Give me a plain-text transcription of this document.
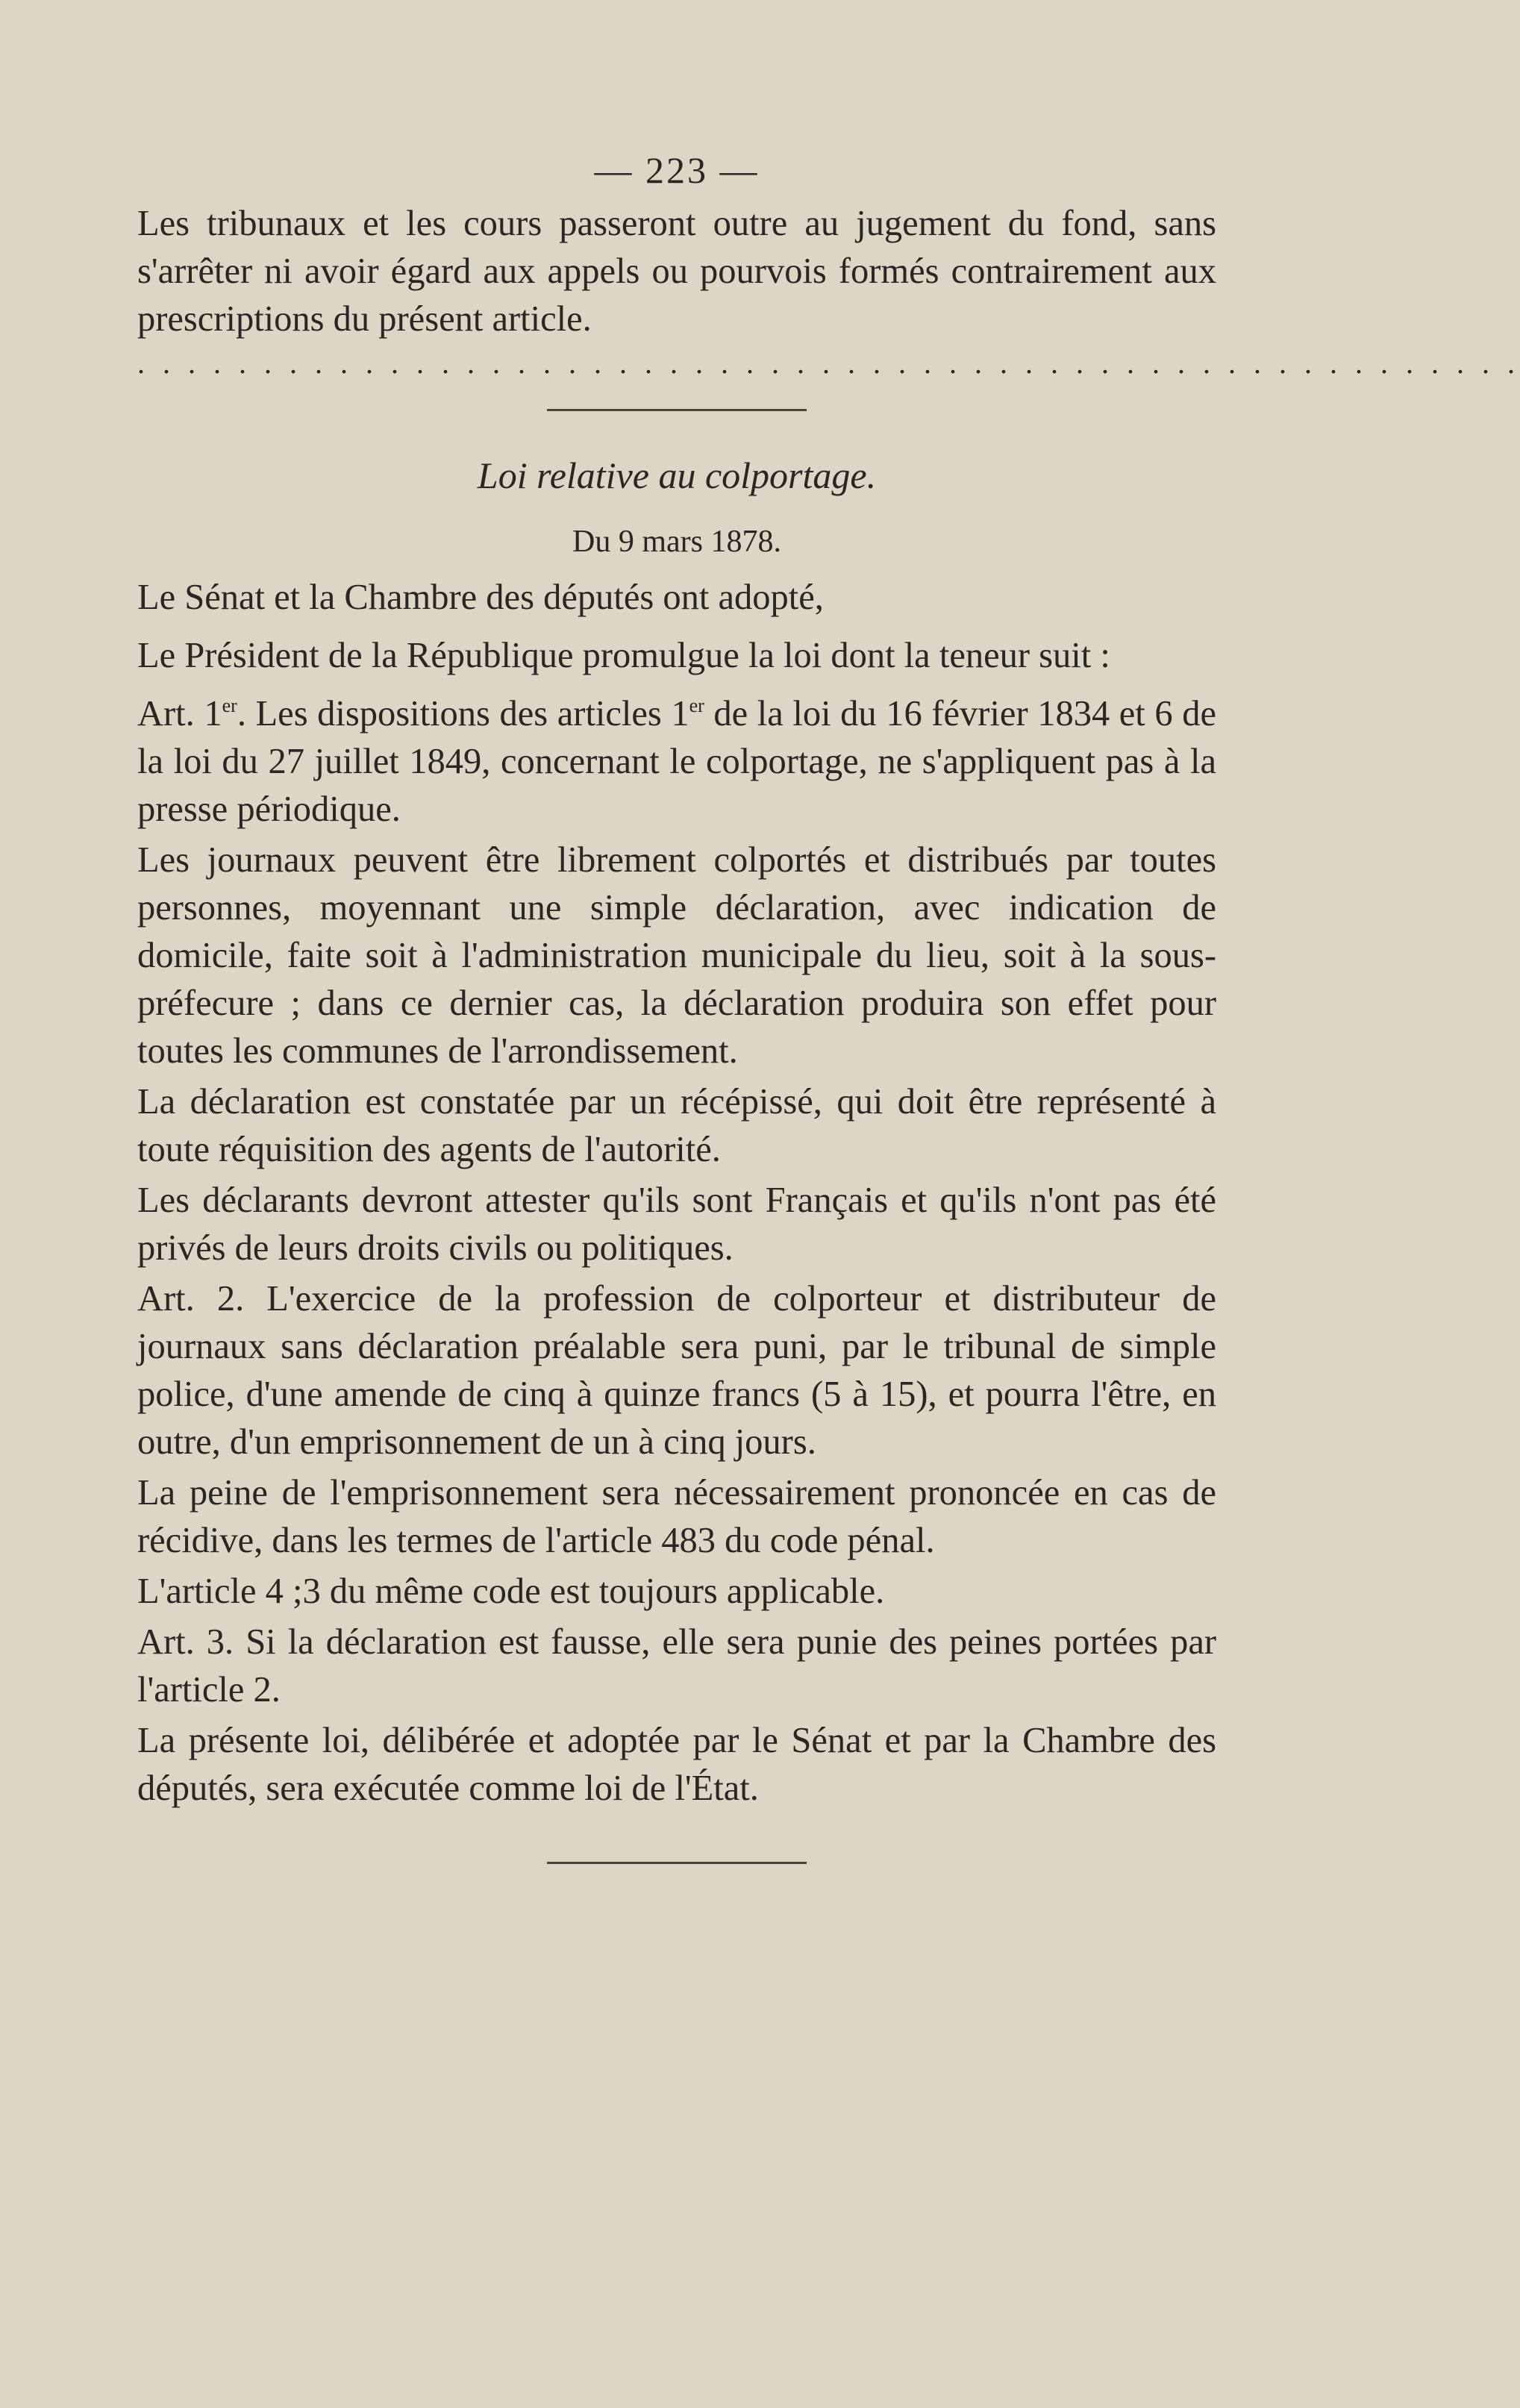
— 223 —

Les tribunaux et les cours passeront outre au jugement du fond, sans s'arrêter ni avoir égard aux appels ou pourvois formés contrairement aux prescriptions du présent article.

. . . . . . . . . . . . . . . . . . . . . . . . . . . . . . . . . . . . . . . . . . . . . . . . . . . . . . .
Loi relative au colportage.
Du 9 mars 1878.

Le Sénat et la Chambre des députés ont adopté,

Le Président de la République promulgue la loi dont la teneur suit :

Art. 1er. Les dispositions des articles 1er de la loi du 16 février 1834 et 6 de la loi du 27 juillet 1849, concernant le colportage, ne s'appliquent pas à la presse périodique.

Les journaux peuvent être librement colportés et distribués par toutes personnes, moyennant une simple déclaration, avec indication de domicile, faite soit à l'administration municipale du lieu, soit à la sous-préfecure ; dans ce dernier cas, la déclaration produira son effet pour toutes les communes de l'arrondissement.

La déclaration est constatée par un récépissé, qui doit être représenté à toute réquisition des agents de l'autorité.

Les déclarants devront attester qu'ils sont Français et qu'ils n'ont pas été privés de leurs droits civils ou politiques.

Art. 2. L'exercice de la profession de colporteur et distributeur de journaux sans déclaration préalable sera puni, par le tribunal de simple police, d'une amende de cinq à quinze francs (5 à 15), et pourra l'être, en outre, d'un emprisonnement de un à cinq jours.

La peine de l'emprisonnement sera nécessairement prononcée en cas de récidive, dans les termes de l'article 483 du code pénal.

L'article 4 ;3 du même code est toujours applicable.

Art. 3. Si la déclaration est fausse, elle sera punie des peines portées par l'article 2.

La présente loi, délibérée et adoptée par le Sénat et par la Chambre des députés, sera exécutée comme loi de l'État.
